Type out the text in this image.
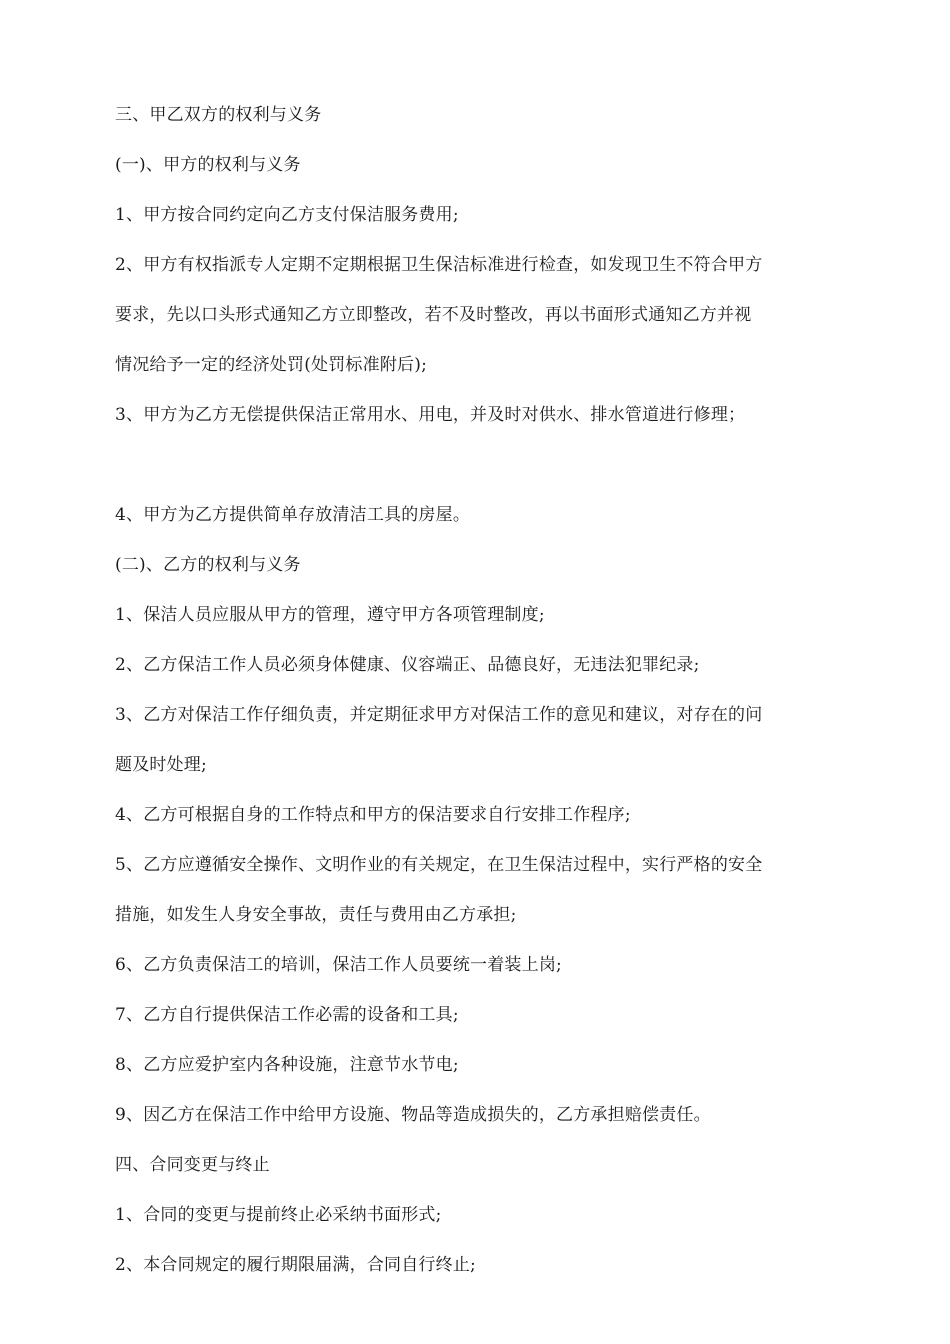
三、甲乙双方的权利与义务
(一)、甲方的权利与义务
1、甲方按合同约定向乙方支付保洁服务费用;
2、甲方有权指派专人定期不定期根据卫生保洁标准进行检查，如发现卫生不符合甲方
要求，先以口头形式通知乙方立即整改，若不及时整改，再以书面形式通知乙方并视
情况给予一定的经济处罚(处罚标准附后);
3、甲方为乙方无偿提供保洁正常用水、用电，并及时对供水、排水管道进行修理；
4、甲方为乙方提供简单存放清洁工具的房屋。
(二)、乙方的权利与义务
1、保洁人员应服从甲方的管理，遵守甲方各项管理制度;
2、乙方保洁工作人员必须身体健康、仪容端正、品德良好，无违法犯罪纪录;
3、乙方对保洁工作仔细负责，并定期征求甲方对保洁工作的意见和建议，对存在的问
题及时处理;
4、乙方可根据自身的工作特点和甲方的保洁要求自行安排工作程序;
5、乙方应遵循安全操作、文明作业的有关规定，在卫生保洁过程中，实行严格的安全
措施，如发生人身安全事故，责任与费用由乙方承担;
6、乙方负责保洁工的培训，保洁工作人员要统一着装上岗;
7、乙方自行提供保洁工作必需的设备和工具;
8、乙方应爱护室内各种设施，注意节水节电;
9、因乙方在保洁工作中给甲方设施、物品等造成损失的，乙方承担赔偿责任。
四、合同变更与终止
1、合同的变更与提前终止必采纳书面形式;
2、本合同规定的履行期限届满，合同自行终止;
